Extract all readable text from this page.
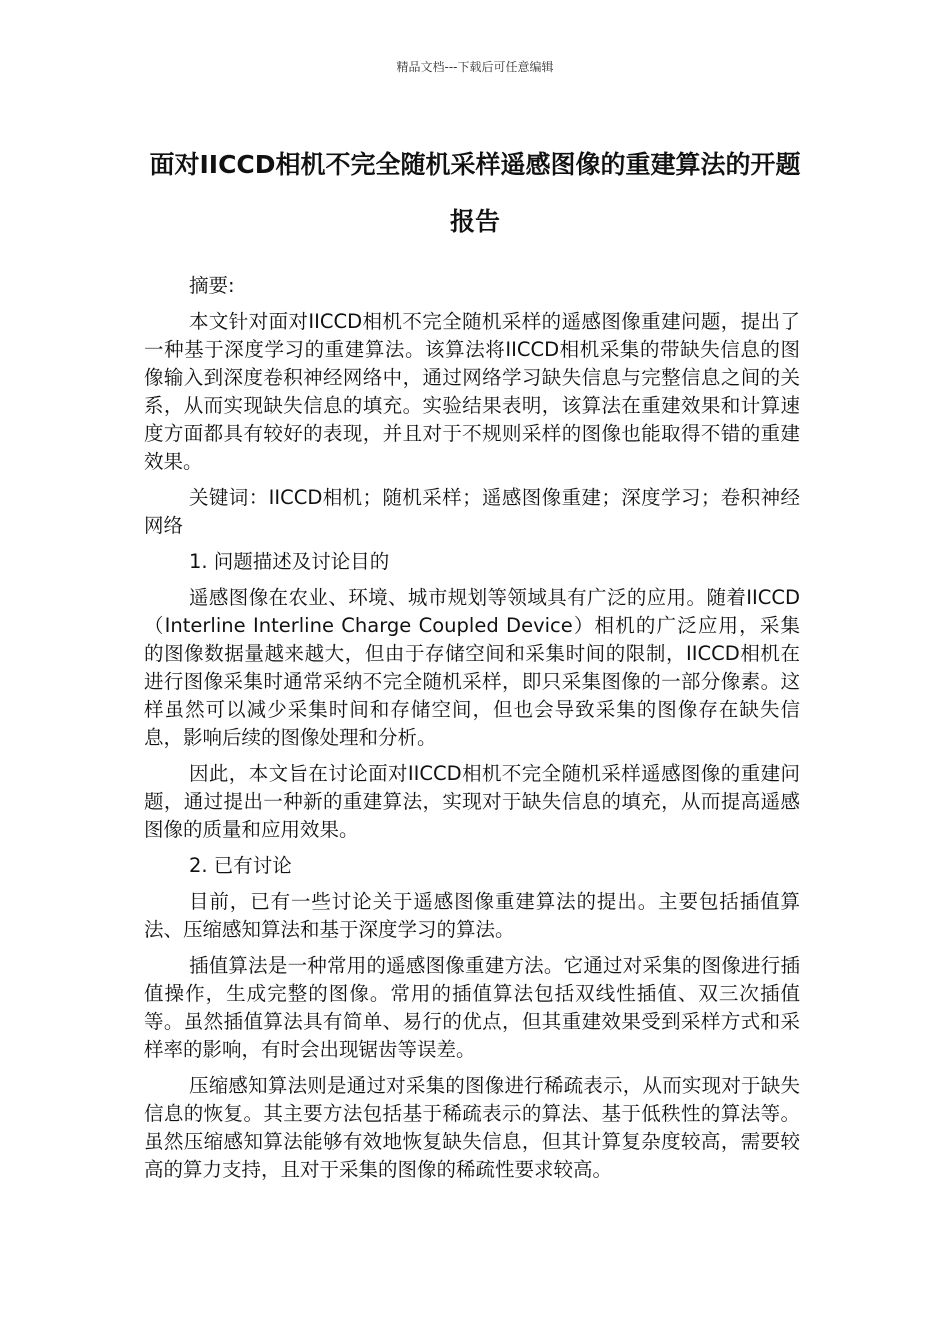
精品文档---下载后可任意编辑
面对IICCD相机不完全随机采样遥感图像的重建算法的开题报告

摘要:

本文针对面对IICCD相机不完全随机采样的遥感图像重建问题，提出了一种基于深度学习的重建算法。该算法将IICCD相机采集的带缺失信息的图像输入到深度卷积神经网络中，通过网络学习缺失信息与完整信息之间的关系，从而实现缺失信息的填充。实验结果表明，该算法在重建效果和计算速度方面都具有较好的表现，并且对于不规则采样的图像也能取得不错的重建效果。

关键词：IICCD相机；随机采样；遥感图像重建；深度学习；卷积神经网络

1. 问题描述及讨论目的

遥感图像在农业、环境、城市规划等领域具有广泛的应用。随着IICCD（Interline Interline Charge Coupled Device）相机的广泛应用，采集的图像数据量越来越大，但由于存储空间和采集时间的限制，IICCD相机在进行图像采集时通常采纳不完全随机采样，即只采集图像的一部分像素。这样虽然可以减少采集时间和存储空间，但也会导致采集的图像存在缺失信息，影响后续的图像处理和分析。

因此，本文旨在讨论面对IICCD相机不完全随机采样遥感图像的重建问题，通过提出一种新的重建算法，实现对于缺失信息的填充，从而提高遥感图像的质量和应用效果。

2. 已有讨论

目前，已有一些讨论关于遥感图像重建算法的提出。主要包括插值算法、压缩感知算法和基于深度学习的算法。

插值算法是一种常用的遥感图像重建方法。它通过对采集的图像进行插值操作，生成完整的图像。常用的插值算法包括双线性插值、双三次插值等。虽然插值算法具有简单、易行的优点，但其重建效果受到采样方式和采样率的影响，有时会出现锯齿等误差。

压缩感知算法则是通过对采集的图像进行稀疏表示，从而实现对于缺失信息的恢复。其主要方法包括基于稀疏表示的算法、基于低秩性的算法等。虽然压缩感知算法能够有效地恢复缺失信息，但其计算复杂度较高，需要较高的算力支持，且对于采集的图像的稀疏性要求较高。
